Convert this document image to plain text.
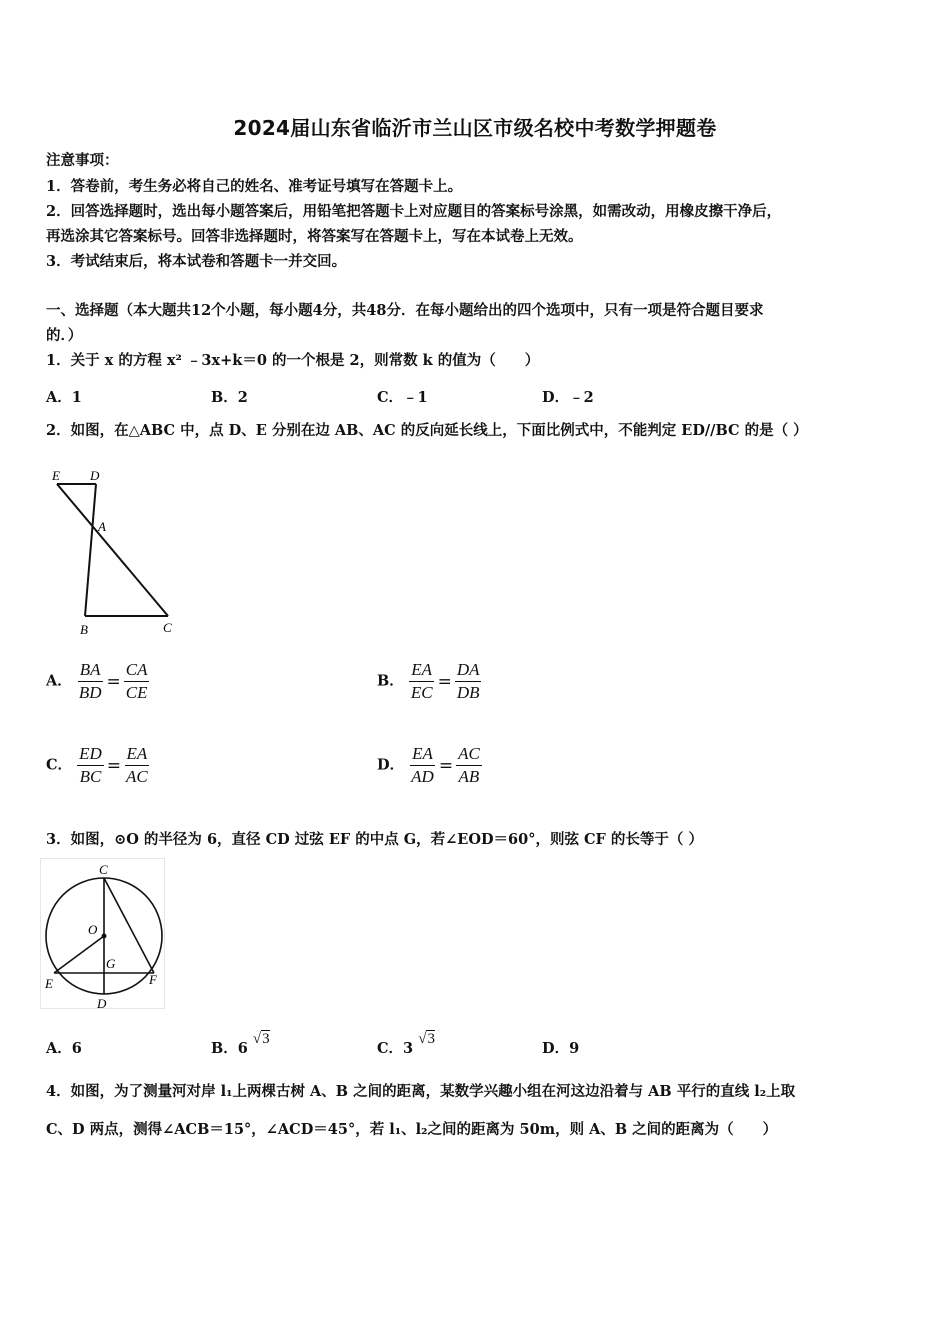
2024届山东省临沂市兰山区市级名校中考数学押题卷
注意事项：
1．答卷前，考生务必将自己的姓名、准考证号填写在答题卡上。
2．回答选择题时，选出每小题答案后，用铅笔把答题卡上对应题目的答案标号涂黑，如需改动，用橡皮擦干净后，
再选涂其它答案标号。回答非选择题时，将答案写在答题卡上，写在本试卷上无效。
3．考试结束后，将本试卷和答题卡一并交回。
一、选择题（本大题共12个小题，每小题4分，共48分．在每小题给出的四个选项中，只有一项是符合题目要求
的．）
1．关于 x 的方程 x² ﹣3x+k＝0 的一个根是 2，则常数 k 的值为（　　）
A．1	B．2	C．﹣1	D．﹣2
2．如图，在△ABC 中，点 D、E 分别在边 AB、AC 的反向延长线上，下面比例式中，不能判定 ED//BC 的是（ ）
E D
A
B	C
A． $\frac{BA}{BD} = \frac{CA}{CE}$	B． $\frac{EA}{EC} = \frac{DA}{DB}$
C． $\frac{ED}{BC} = \frac{EA}{AC}$	D． $\frac{EA}{AD} = \frac{AC}{AB}$
3．如图，⊙O 的半径为 6，直径 CD 过弦 EF 的中点 G，若∠EOD＝60°，则弦 CF 的长等于（ ）
C
O
G
E	F
D
A．6	B．6 √3
C．3 √3
D．9
4．如图，为了测量河对岸 l₁上两棵古树 A、B 之间的距离，某数学兴趣小组在河这边沿着与 AB 平行的直线 l₂上取
C、D 两点，测得∠ACB＝15°，∠ACD＝45°，若 l₁、l₂之间的距离为 50m，则 A、B 之间的距离为（　　）
